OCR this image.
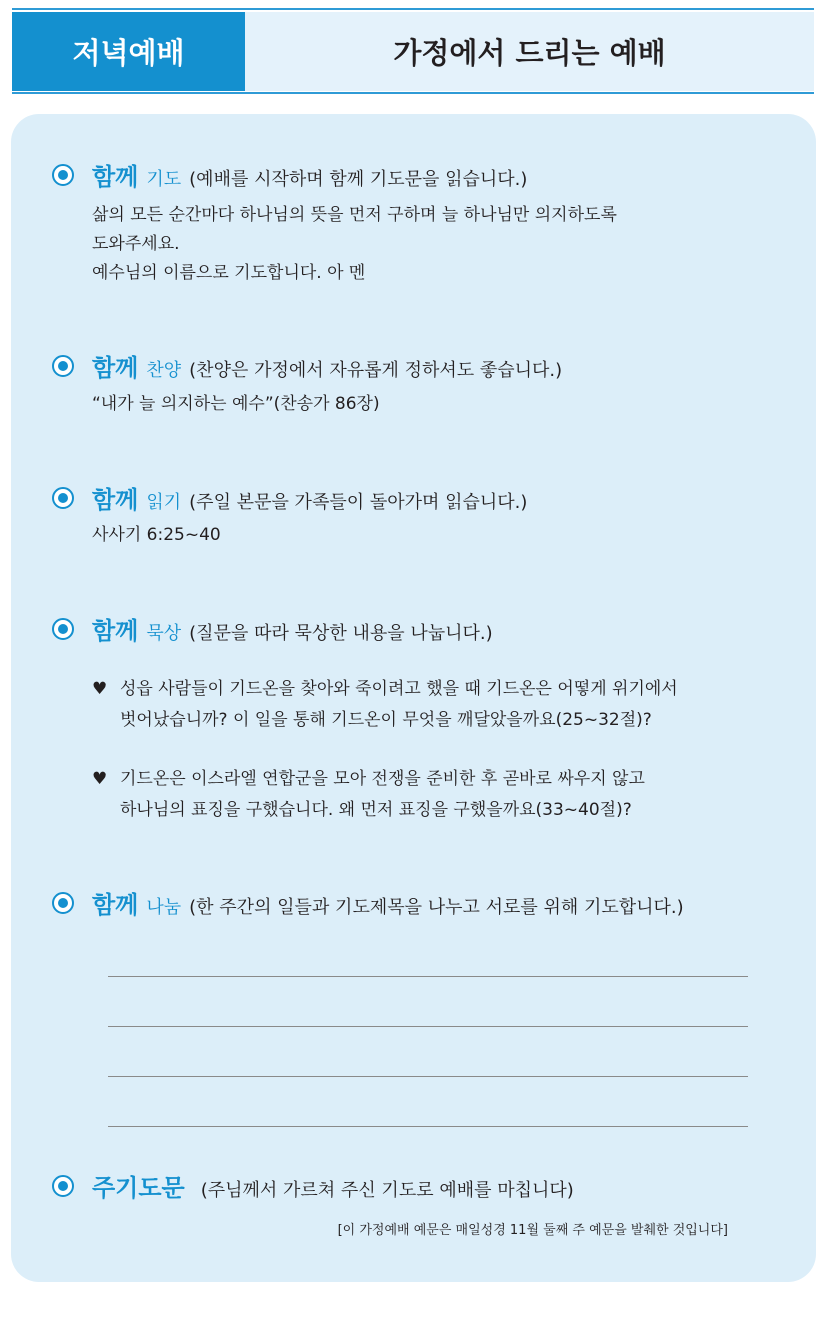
저녁예배	가정에서 드리는 예배
함께 기도 (예배를 시작하며 함께 기도문을 읽습니다.)
삶의 모든 순간마다 하나님의 뜻을 먼저 구하며 늘 하나님만 의지하도록
도와주세요.
예수님의 이름으로 기도합니다. 아 멘
함께 찬양 (찬양은 가정에서 자유롭게 정하셔도 좋습니다.)
“내가 늘 의지하는 예수”(찬송가 86장)
함께 읽기 (주일 본문을 가족들이 돌아가며 읽습니다.)
사사기 6:25~40
함께 묵상 (질문을 따라 묵상한 내용을 나눕니다.)
♥ 성읍 사람들이 기드온을 찾아와 죽이려고 했을 때 기드온은 어떻게 위기에서
벗어났습니까? 이 일을 통해 기드온이 무엇을 깨달았을까요(25~32절)?
♥ 기드온은 이스라엘 연합군을 모아 전쟁을 준비한 후 곧바로 싸우지 않고
하나님의 표징을 구했습니다. 왜 먼저 표징을 구했을까요(33~40절)?
함께 나눔 (한 주간의 일들과 기도제목을 나누고 서로를 위해 기도합니다.)
주기도문 (주님께서 가르쳐 주신 기도로 예배를 마칩니다)
[이 가정예배 예문은 매일성경 11월 둘째 주 예문을 발췌한 것입니다]
